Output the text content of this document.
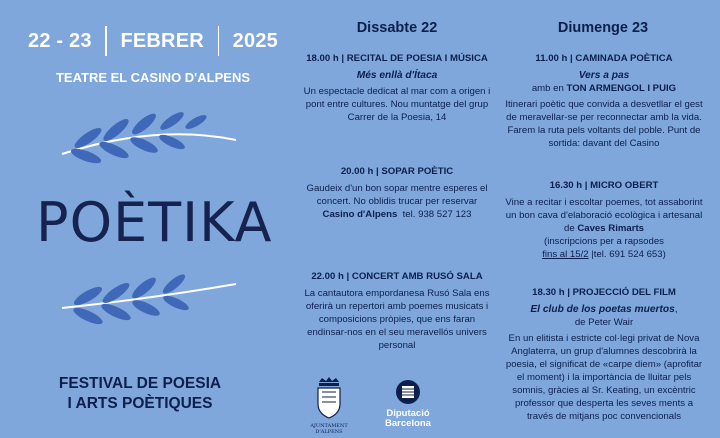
22 - 23 FEBRER 2025
TEATRE EL CASINO D'ALPENS
POÈTIKA
FESTIVAL DE POESIA
I ARTS POÈTIQUES
Dissabte 22	Diumenge 23
18.00 h | RECITAL DE POESIA I MÚSICA
Més enllà d'Ítaca
Un espectacle dedicat al mar com a origen i pont entre cultures. Nou muntatge del grup Carrer de la Poesia, 14
20.00 h | SOPAR POÈTIC
Gaudeix d'un bon sopar mentre esperes el concert. No oblidis trucar per reservar
Casino d'Alpens tel. 938 527 123
22.00 h | CONCERT AMB RUSÓ SALA
La cantautora empordanesa Rusó Sala ens oferirà un repertori amb poemes musicats i composicions pròpies, que ens faran endinsar-nos en el seu meravellós univers personal
11.00 h | CAMINADA POÈTICA
Vers a pas
amb en TON ARMENGOL I PUIG
Itinerari poètic que convida a desvetllar el gest de meravellar-se per reconnectar amb la vida. Farem la ruta pels voltants del poble. Punt de sortida: davant del Casino
16.30 h | MICRO OBERT
Vine a recitar i escoltar poemes, tot assaborint un bon cava d'elaboració ecològica i artesanal de Caves Rimarts
(inscripcions per a rapsodes
fins al 15/2 |tel. 691 524 653)
18.30 h | PROJECCIÓ DEL FILM
El club de los poetas muertos,
de Peter Wair
En un elitista i estricte col·legi privat de Nova Anglaterra, un grup d'alumnes descobrirà la poesia, el significat de «carpe diem» (aprofitar el moment) i la importància de lluitar pels somnis, gràcies al Sr. Keating, un excèntric professor que desperta les seves ments a través de mitjans poc convencionals
AJUNTAMENT D'ALPENS
Diputació
Barcelona
